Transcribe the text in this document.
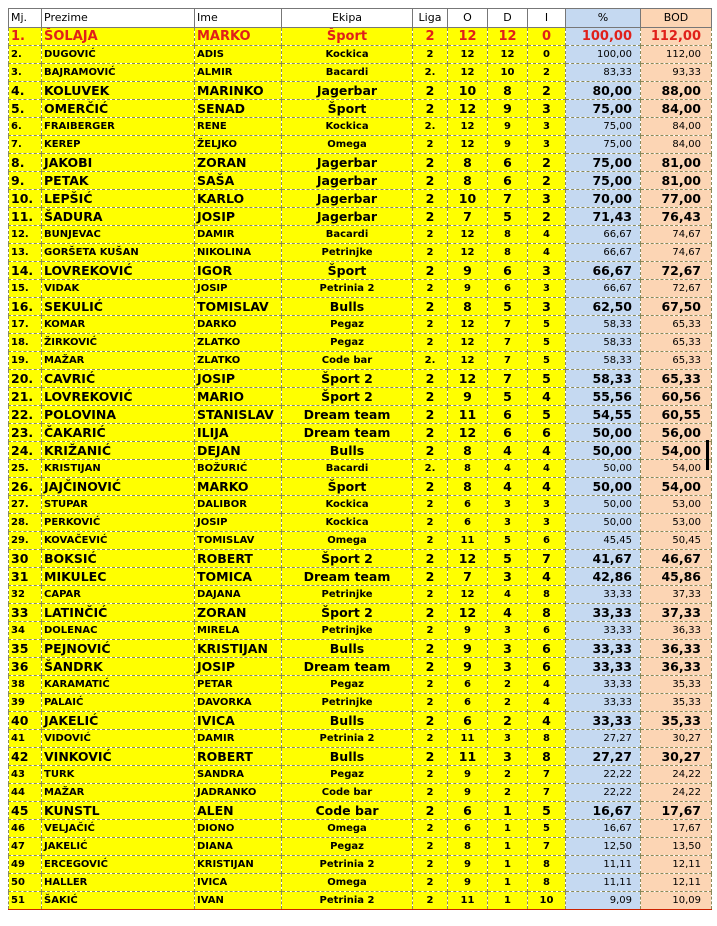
Mj.	Prezime	Ime	Ekipa	Liga	O	D	I	%	BOD
1.	ŠOLAJA	MARKO	Šport	2	12	12	0	100,00	112,00
2.	DUGOVIĆ	ADIS	Kockica	2	12	12	0	100,00	112,00
3.	BAJRAMOVIĆ	ALMIR	Bacardi	2.	12	10	2	83,33	93,33
4.	KOLUVEK	MARINKO	Jagerbar	2	10	8	2	80,00	88,00
5.	OMERČIĆ	SENAD	Šport	2	12	9	3	75,00	84,00
6.	FRAIBERGER	RENE	Kockica	2.	12	9	3	75,00	84,00
7.	KEREP	ŽELJKO	Omega	2	12	9	3	75,00	84,00
8.	JAKOBI	ZORAN	Jagerbar	2	8	6	2	75,00	81,00
9.	PETAK	SAŠA	Jagerbar	2	8	6	2	75,00	81,00
10.	LEPŠIĆ	KARLO	Jagerbar	2	10	7	3	70,00	77,00
11.	ŠADURA	JOSIP	Jagerbar	2	7	5	2	71,43	76,43
12.	BUNJEVAC	DAMIR	Bacardi	2	12	8	4	66,67	74,67
13.	GORŠETA KUŠAN	NIKOLINA	Petrinjke	2	12	8	4	66,67	74,67
14.	LOVREKOVIĆ	IGOR	Šport	2	9	6	3	66,67	72,67
15.	VIDAK	JOSIP	Petrinia 2	2	9	6	3	66,67	72,67
16.	SEKULIĆ	TOMISLAV	Bulls	2	8	5	3	62,50	67,50
17.	KOMAR	DARKO	Pegaz	2	12	7	5	58,33	65,33
18.	ŽIRKOVIĆ	ZLATKO	Pegaz	2	12	7	5	58,33	65,33
19.	MAŽAR	ZLATKO	Code bar	2.	12	7	5	58,33	65,33
20.	CAVRIĆ	JOSIP	Šport 2	2	12	7	5	58,33	65,33
21.	LOVREKOVIĆ	MARIO	Šport 2	2	9	5	4	55,56	60,56
22.	POLOVINA	STANISLAV	Dream team	2	11	6	5	54,55	60,55
23.	ČAKARIĆ	ILIJA	Dream team	2	12	6	6	50,00	56,00
24.	KRIŽANIĆ	DEJAN	Bulls	2	8	4	4	50,00	54,00
25.	KRISTIJAN	BOŽURIĆ	Bacardi	2.	8	4	4	50,00	54,00
26.	JAJČINOVIĆ	MARKO	Šport	2	8	4	4	50,00	54,00
27.	STUPAR	DALIBOR	Kockica	2	6	3	3	50,00	53,00
28.	PERKOVIĆ	JOSIP	Kockica	2	6	3	3	50,00	53,00
29.	KOVAČEVIĆ	TOMISLAV	Omega	2	11	5	6	45,45	50,45
30	BOKSIĆ	ROBERT	Šport 2	2	12	5	7	41,67	46,67
31	MIKULEC	TOMICA	Dream team	2	7	3	4	42,86	45,86
32	CAPAR	DAJANA	Petrinjke	2	12	4	8	33,33	37,33
33	LATINČIĆ	ZORAN	Šport 2	2	12	4	8	33,33	37,33
34	DOLENAC	MIRELA	Petrinjke	2	9	3	6	33,33	36,33
35	PEJNOVIĆ	KRISTIJAN	Bulls	2	9	3	6	33,33	36,33
36	ŠANDRK	JOSIP	Dream team	2	9	3	6	33,33	36,33
38	KARAMATIĆ	PETAR	Pegaz	2	6	2	4	33,33	35,33
39	PALAIĆ	DAVORKA	Petrinjke	2	6	2	4	33,33	35,33
40	JAKELIĆ	IVICA	Bulls	2	6	2	4	33,33	35,33
41	VIDOVIĆ	DAMIR	Petrinia 2	2	11	3	8	27,27	30,27
42	VINKOVIĆ	ROBERT	Bulls	2	11	3	8	27,27	30,27
43	TURK	SANDRA	Pegaz	2	9	2	7	22,22	24,22
44	MAŽAR	JADRANKO	Code bar	2	9	2	7	22,22	24,22
45	KUNSTL	ALEN	Code bar	2	6	1	5	16,67	17,67
46	VELJAČIĆ	DIONO	Omega	2	6	1	5	16,67	17,67
47	JAKELIĆ	DIANA	Pegaz	2	8	1	7	12,50	13,50
49	ERCEGOVIĆ	KRISTIJAN	Petrinia 2	2	9	1	8	11,11	12,11
50	HALLER	IVICA	Omega	2	9	1	8	11,11	12,11
51	ŠAKIĆ	IVAN	Petrinia 2	2	11	1	10	9,09	10,09
